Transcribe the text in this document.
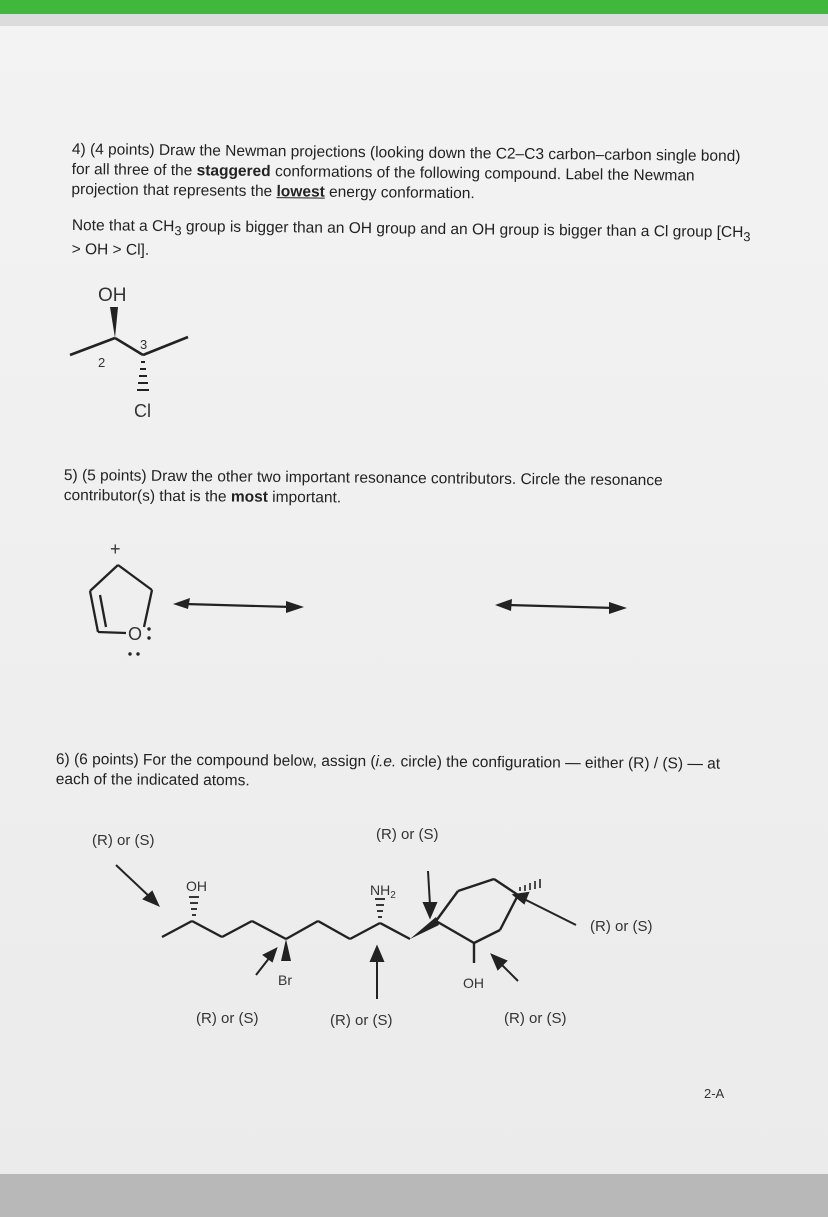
4) (4 points) Draw the Newman projections (looking down the C2–C3 carbon–carbon single bond) for all three of the staggered conformations of the following compound. Label the Newman projection that represents the lowest energy conformation.

Note that a $CH_3$ group is bigger than an OH group and an OH group is bigger than a Cl group [$CH_3$ > OH > Cl].

OH
2
3
Cl

5) (5 points) Draw the other two important resonance contributors. Circle the resonance contributor(s) that is the most important.

+
O

6) (6 points) For the compound below, assign (i.e. circle) the configuration — either (R) / (S) — at each of the indicated atoms.

(R) or (S)	(R) or (S)
(R) or (S)
(R) or (S)	(R) or (S)	(R) or (S)
OH	$NH_2$
Br	OH
2-A
